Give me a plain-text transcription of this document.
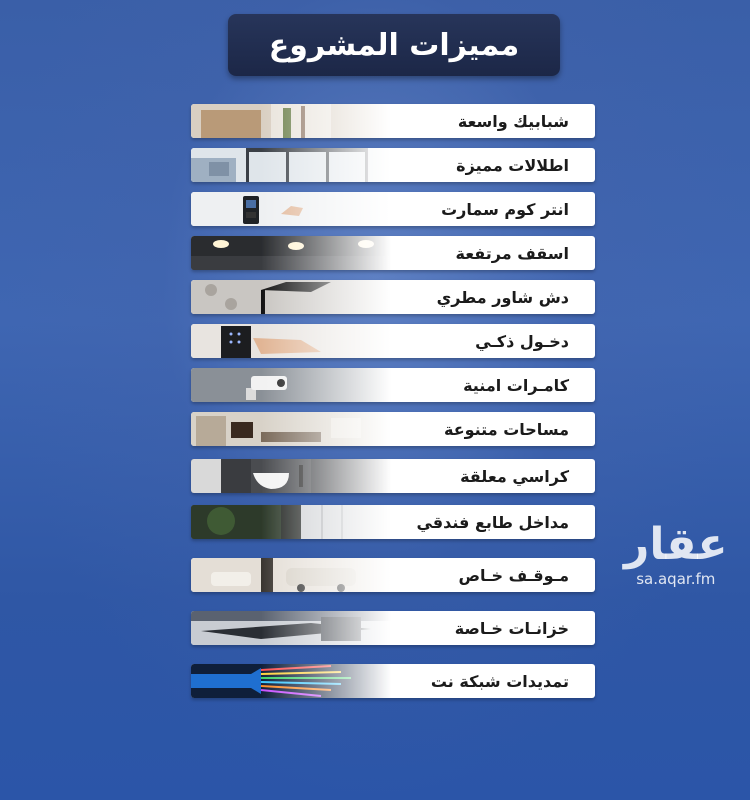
مميزات المشروع
شبابيك واسعة
اطلالات مميزة
انتر كوم سمارت
اسقف مرتفعة
دش شاور مطري
دخـول ذكـي
كامـرات امنية
مساحات متنوعة
كراسي معلقة
مداخل طابع فندقي
مـوقـف خـاص
خزانـات خـاصة
تمديدات شبكة نت
عقار
sa.aqar.fm
